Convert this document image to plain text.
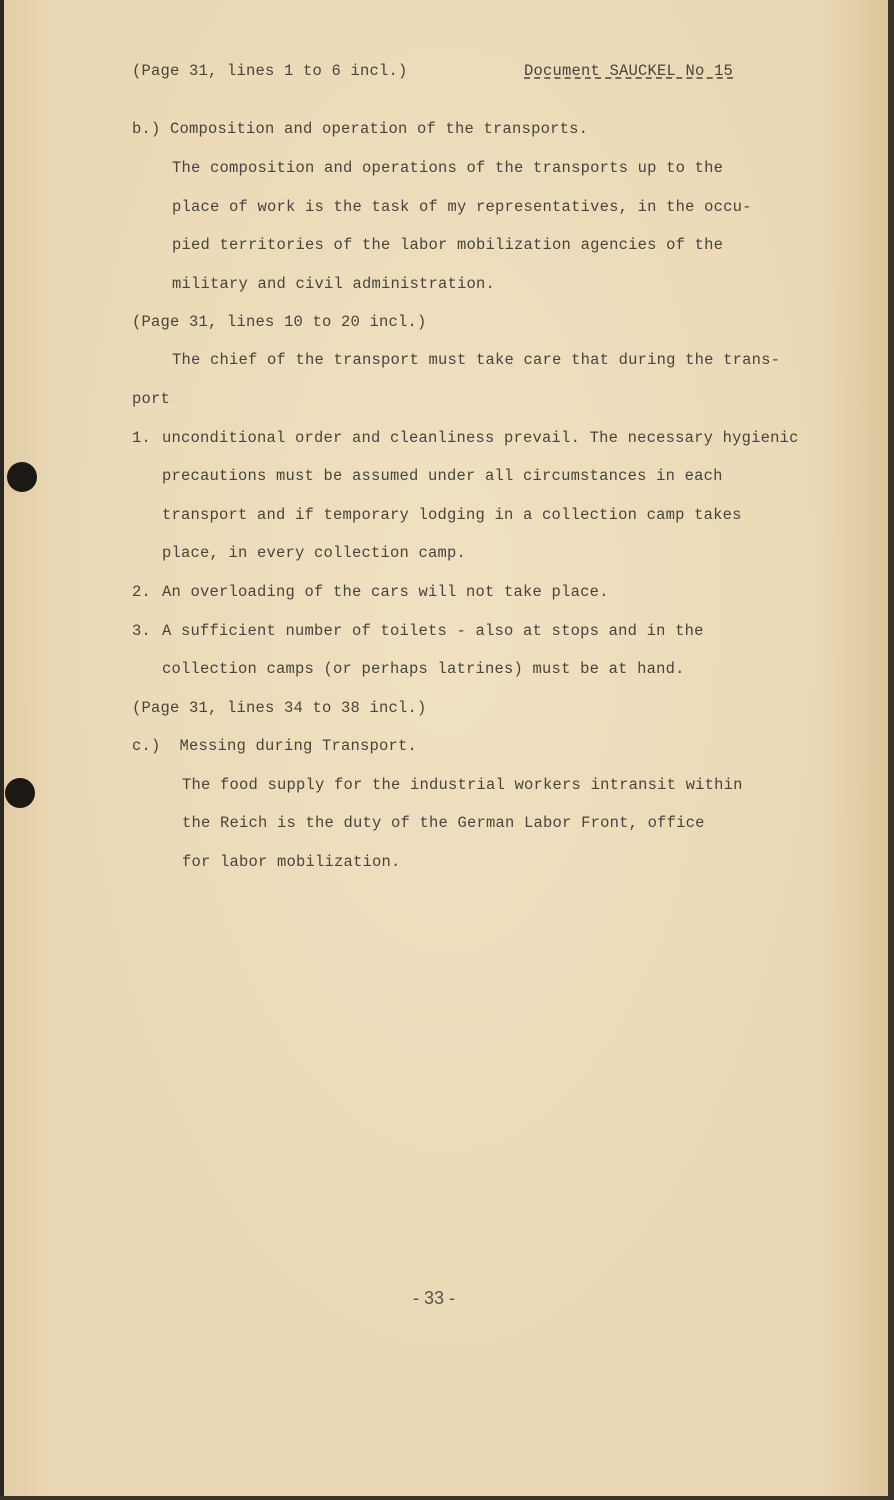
(Page 31, lines 1 to 6 incl.)	Document SAUCKEL No 15

b.) Composition and operation of the transports.

The composition and operations of the transports up to the

place of work is the task of my representatives, in the occu-

pied territories of the labor mobilization agencies of the

military and civil administration.

(Page 31, lines 10 to 20 incl.)

The chief of the transport must take care that during the trans-

port

1. unconditional order and cleanliness prevail. The necessary hygienic

precautions must be assumed under all circumstances in each

transport and if temporary lodging in a collection camp takes

place, in every collection camp.

2. An overloading of the cars will not take place.

3. A sufficient number of toilets - also at stops and in the

collection camps (or perhaps latrines) must be at hand.

(Page 31, lines 34 to 38 incl.)

c.)  Messing during Transport.

The food supply for the industrial workers intransit within

the Reich is the duty of the German Labor Front, office

for labor mobilization.

- 33 -
